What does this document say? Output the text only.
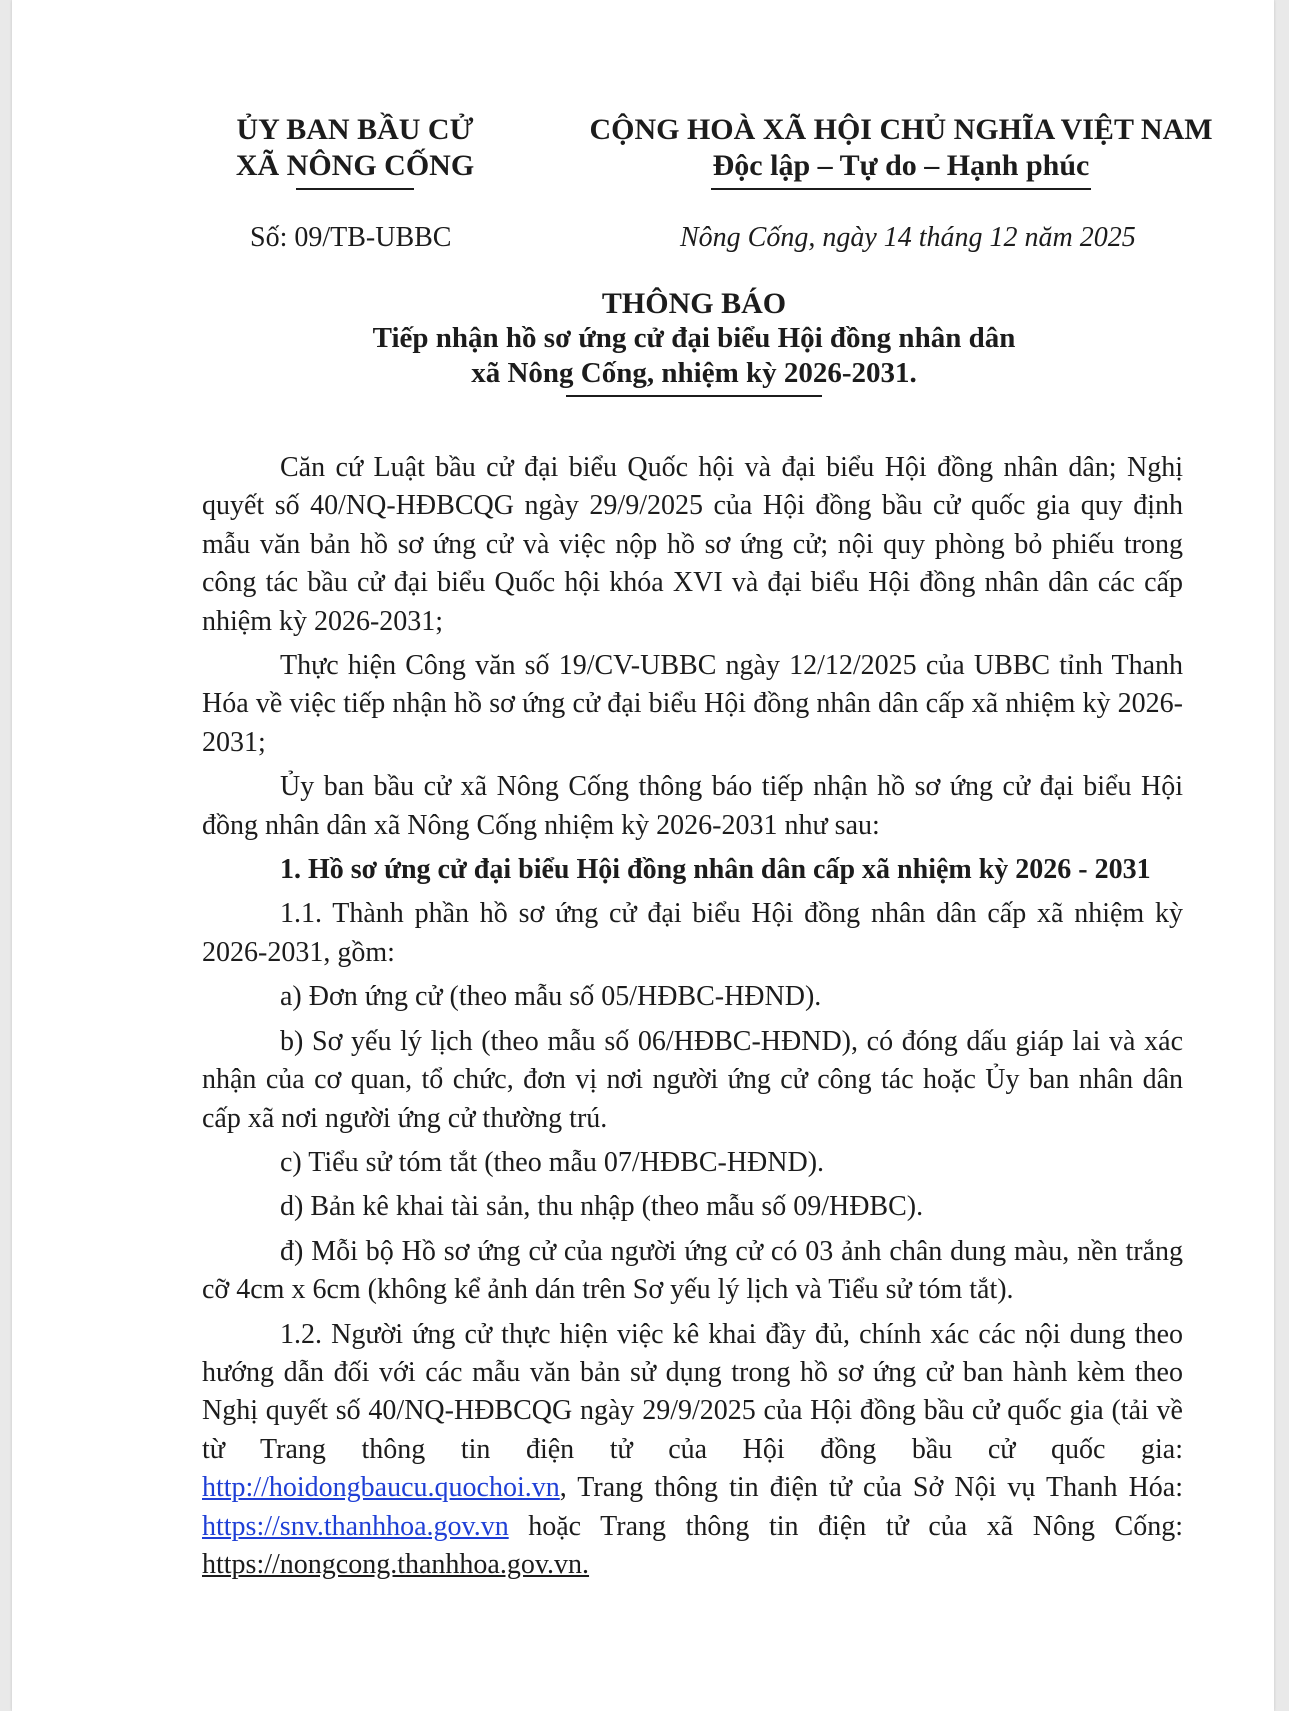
ỦY BAN BẦU CỬ
XÃ NÔNG CỐNG
CỘNG HOÀ XÃ HỘI CHỦ NGHĨA VIỆT NAM
Độc lập – Tự do – Hạnh phúc
Số: 09/TB-UBBC	Nông Cống, ngày 14 tháng 12 năm 2025
THÔNG BÁO
Tiếp nhận hồ sơ ứng cử đại biểu Hội đồng nhân dân
xã Nông Cống, nhiệm kỳ 2026-2031.

Căn cứ Luật bầu cử đại biểu Quốc hội và đại biểu Hội đồng nhân dân; Nghị quyết số 40/NQ-HĐBCQG ngày 29/9/2025 của Hội đồng bầu cử quốc gia quy định mẫu văn bản hồ sơ ứng cử và việc nộp hồ sơ ứng cử; nội quy phòng bỏ phiếu trong công tác bầu cử đại biểu Quốc hội khóa XVI và đại biểu Hội đồng nhân dân các cấp nhiệm kỳ 2026-2031;

Thực hiện Công văn số 19/CV-UBBC ngày 12/12/2025 của UBBC tỉnh Thanh Hóa về việc tiếp nhận hồ sơ ứng cử đại biểu Hội đồng nhân dân cấp xã nhiệm kỳ 2026-2031;

Ủy ban bầu cử xã Nông Cống thông báo tiếp nhận hồ sơ ứng cử đại biểu Hội đồng nhân dân xã Nông Cống nhiệm kỳ 2026-2031 như sau:

1. Hồ sơ ứng cử đại biểu Hội đồng nhân dân cấp xã nhiệm kỳ 2026 - 2031

1.1. Thành phần hồ sơ ứng cử đại biểu Hội đồng nhân dân cấp xã nhiệm kỳ 2026-2031, gồm:

a) Đơn ứng cử (theo mẫu số 05/HĐBC-HĐND).

b) Sơ yếu lý lịch (theo mẫu số 06/HĐBC-HĐND), có đóng dấu giáp lai và xác nhận của cơ quan, tổ chức, đơn vị nơi người ứng cử công tác hoặc Ủy ban nhân dân cấp xã nơi người ứng cử thường trú.

c) Tiểu sử tóm tắt (theo mẫu 07/HĐBC-HĐND).

d) Bản kê khai tài sản, thu nhập (theo mẫu số 09/HĐBC).

đ) Mỗi bộ Hồ sơ ứng cử của người ứng cử có 03 ảnh chân dung màu, nền trắng cỡ 4cm x 6cm (không kể ảnh dán trên Sơ yếu lý lịch và Tiểu sử tóm tắt).

1.2. Người ứng cử thực hiện việc kê khai đầy đủ, chính xác các nội dung theo hướng dẫn đối với các mẫu văn bản sử dụng trong hồ sơ ứng cử ban hành kèm theo Nghị quyết số 40/NQ-HĐBCQG ngày 29/9/2025 của Hội đồng bầu cử quốc gia (tải về từ Trang thông tin điện tử của Hội đồng bầu cử quốc gia: http://hoidongbaucu.quochoi.vn, Trang thông tin điện tử của Sở Nội vụ Thanh Hóa: https://snv.thanhhoa.gov.vn hoặc Trang thông tin điện tử của xã Nông Cống: https://nongcong.thanhhoa.gov.vn.
